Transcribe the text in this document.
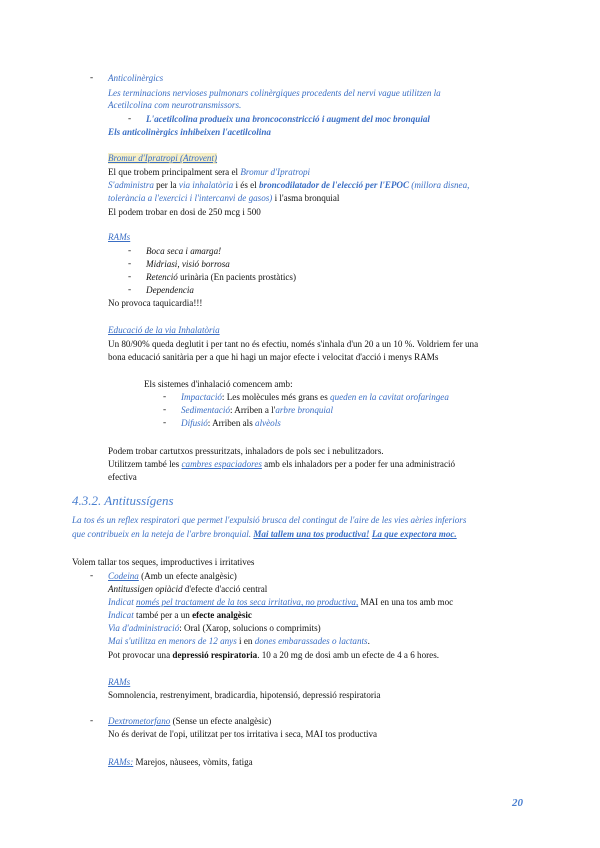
- Anticolinèrgics
Les terminacions nervioses pulmonars colinèrgiques procedents del nervi vague utilitzen la
Acetilcolina com neurotransmissors.
- L'acetilcolina produeix una broncoconstricció i augment del moc bronquial
Els anticolinèrgics inhibeixen l'acetilcolina
Bromur d'Ipratropi (Atrovent)
El que trobem principalment sera el Bromur d'Ipratropi
S'administra per la via inhalatòria i és el broncodilatador de l'elecció per l'EPOC (millora disnea,
tolerància a l'exercici i l'intercanvi de gasos) i l'asma bronquial
El podem trobar en dosi de 250 mcg i 500
RAMs
- Boca seca i amarga!
- Midriasi, visió borrosa
- Retenció urinària (En pacients prostàtics)
- Dependencia
No provoca taquicardia!!!
Educació de la via Inhalatòria
Un 80/90% queda deglutit i per tant no és efectiu, només s'inhala d'un 20 a un 10 %. Voldriem fer una
bona educació sanitària per a que hi hagi un major efecte i velocitat d'acció i menys RAMs
Els sistemes d'inhalació comencem amb:
- Impactació: Les molècules més grans es queden en la cavitat orofaringea
- Sedimentació: Arriben a l'arbre bronquial
- Difusió: Arriben als alvèols
Podem trobar cartutxos pressuritzats, inhaladors de pols sec i nebulitzadors.
Utilitzem també les cambres espaciadores amb els inhaladors per a poder fer una administració
efectiva
4.3.2. Antitussígens
La tos és un reflex respiratori que permet l'expulsió brusca del contingut de l'aire de les vies aèries inferiors
que contribueix en la neteja de l'arbre bronquial. Mai tallem una tos productiva! La que expectora moc.
Volem tallar tos seques, improductives i irritatives
- Codeina (Amb un efecte analgèsic)
Antitussigen opiàcid d'efecte d'acció central
Indicat només pel tractament de la tos seca irritativa, no productiva, MAI en una tos amb moc
Indicat també per a un efecte analgèsic
Via d'administració: Oral (Xarop, solucions o comprimits)
Mai s'utilitza en menors de 12 anys i en dones embarassades o lactants.
Pot provocar una depressió respiratoria. 10 a 20 mg de dosi amb un efecte de 4 a 6 hores.
RAMs
Somnolencia, restrenyiment, bradicardia, hipotensió, depressió respiratoria
- Dextrometorfano (Sense un efecte analgèsic)
No és derivat de l'opi, utilitzat per tos irritativa i seca, MAI tos productiva
RAMs: Marejos, nàusees, vòmits, fatiga
20
